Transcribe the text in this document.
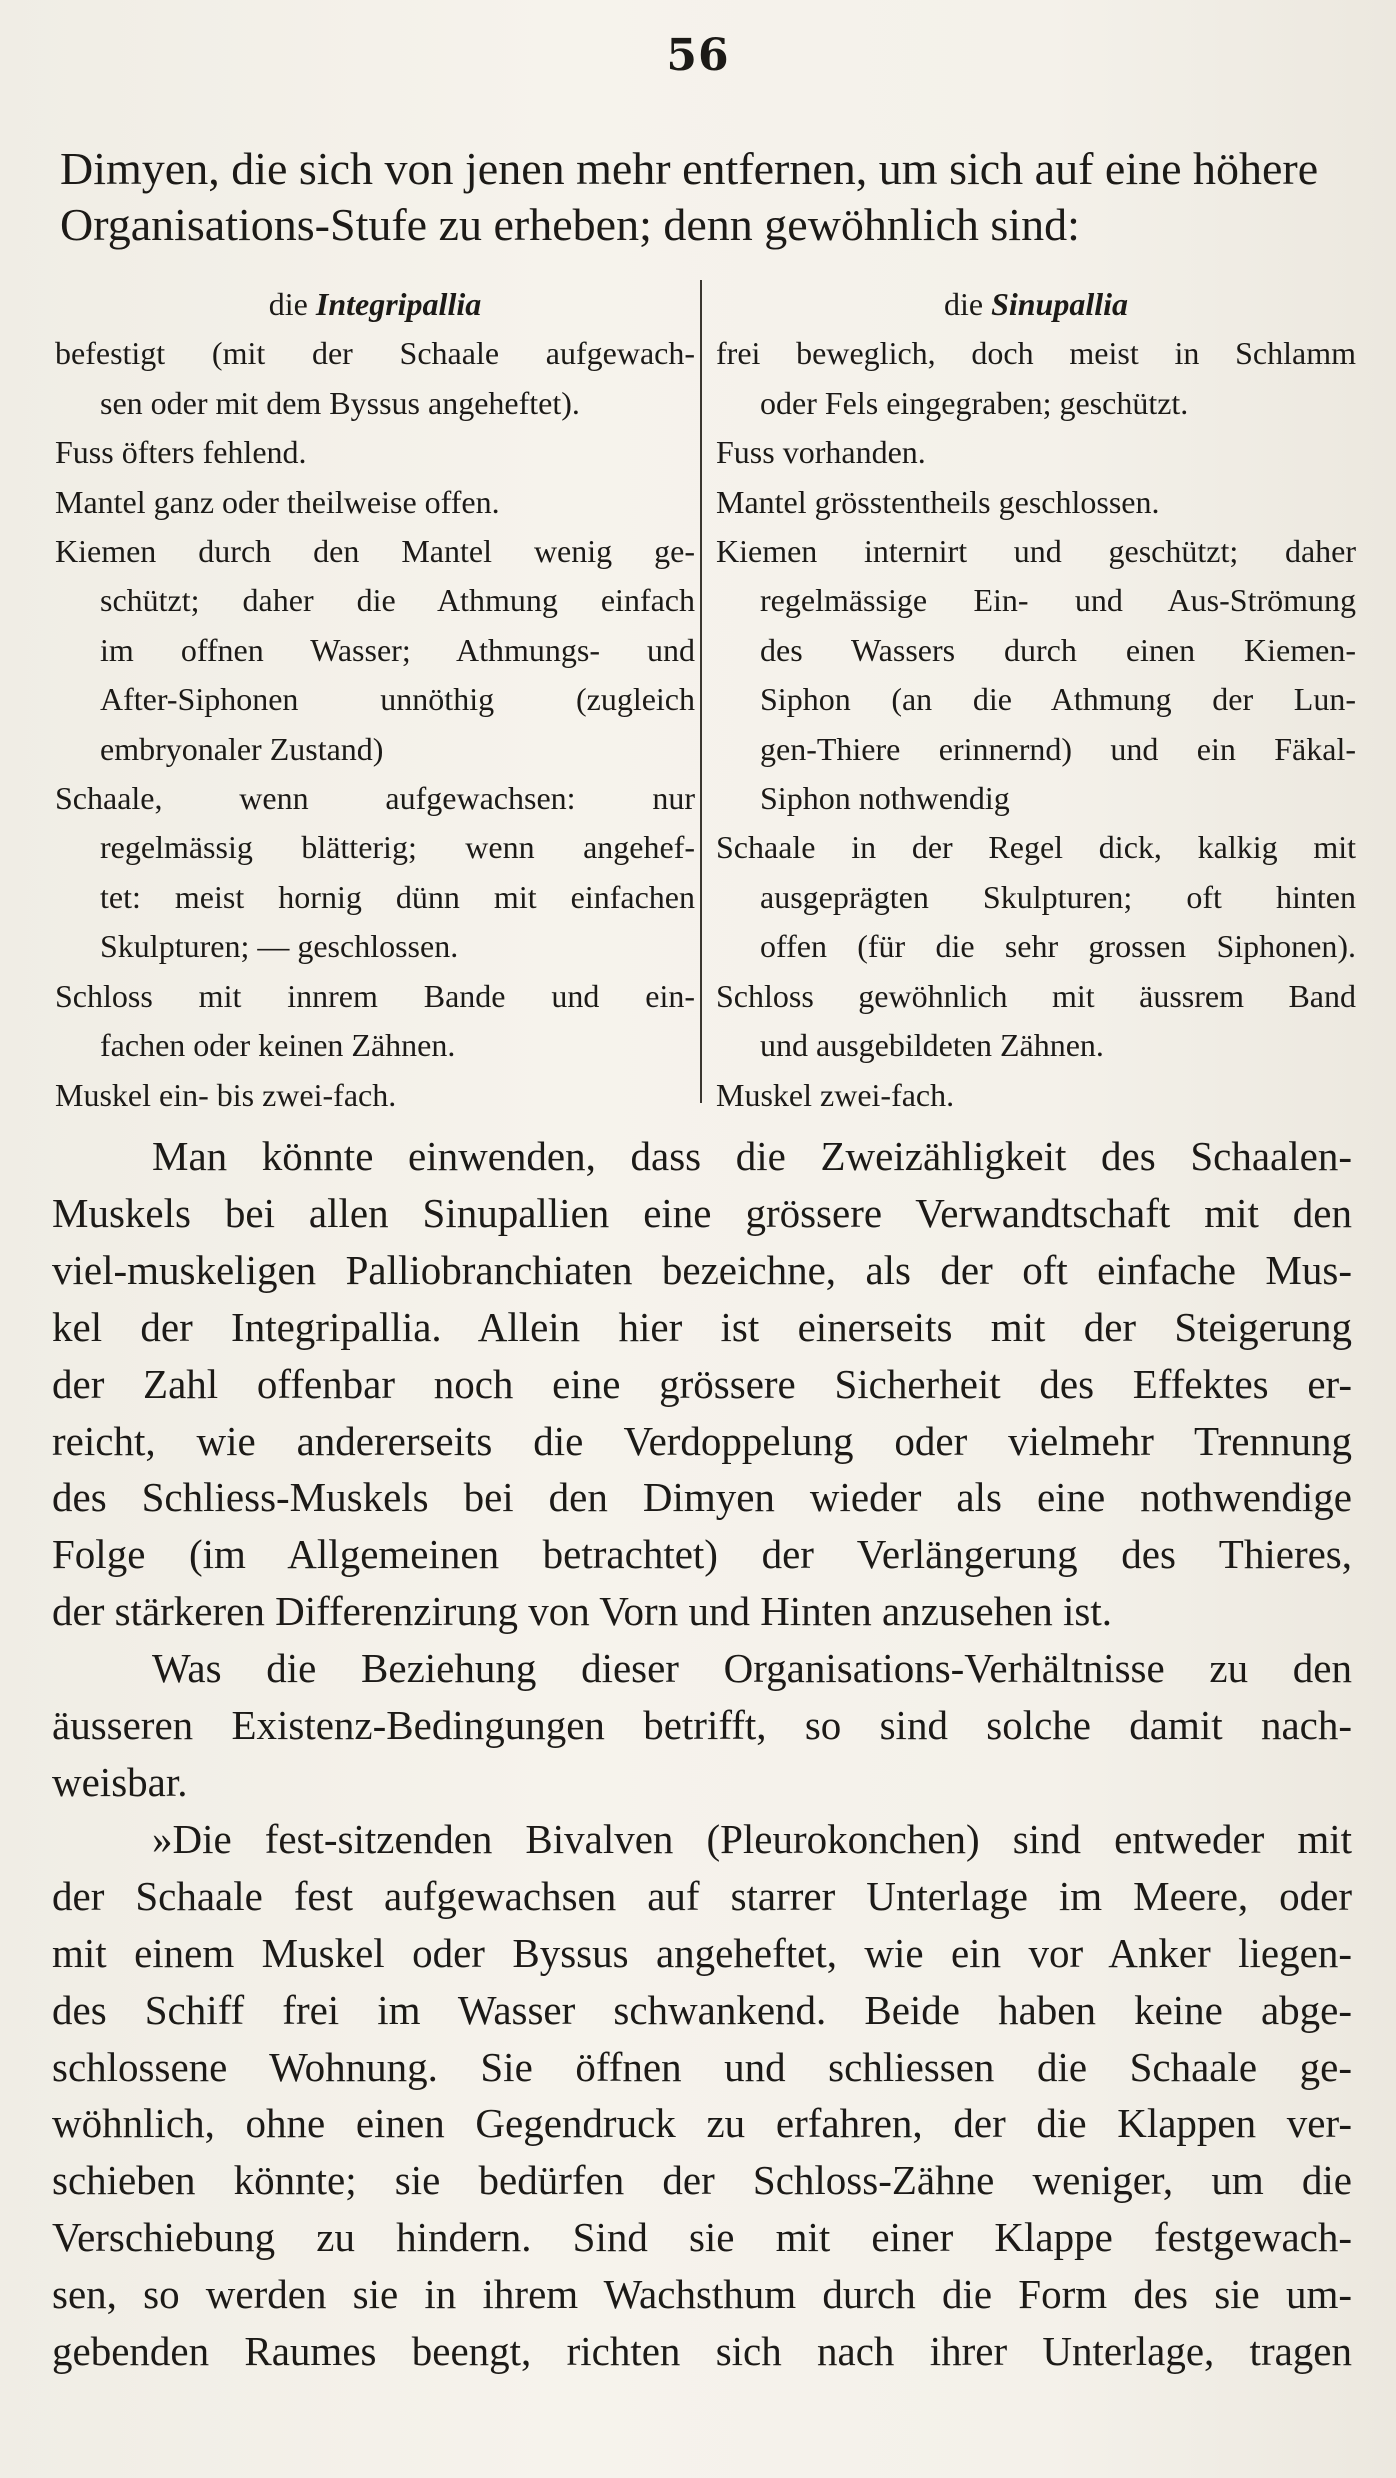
56
Dimyen, die sich von jenen mehr entfernen, um sich auf eine höhere
Organisations-Stufe zu erheben; denn gewöhnlich sind:
die Integripallia
befestigt (mit der Schaale aufgewach-
sen oder mit dem Byssus angeheftet).
Fuss öfters fehlend.
Mantel ganz oder theilweise offen.
Kiemen durch den Mantel wenig ge-
schützt; daher die Athmung einfach
im offnen Wasser; Athmungs- und
After-Siphonen unnöthig (zugleich
embryonaler Zustand)
Schaale, wenn aufgewachsen: nur
regelmässig blätterig; wenn angehef-
tet: meist hornig dünn mit einfachen
Skulpturen; — geschlossen.
Schloss mit innrem Bande und ein-
fachen oder keinen Zähnen.
Muskel ein- bis zwei-fach.
die Sinupallia
frei beweglich, doch meist in Schlamm
oder Fels eingegraben; geschützt.
Fuss vorhanden.
Mantel grösstentheils geschlossen.
Kiemen internirt und geschützt; daher
regelmässige Ein- und Aus-Strömung
des Wassers durch einen Kiemen-
Siphon (an die Athmung der Lun-
gen-Thiere erinnernd) und ein Fäkal-
Siphon nothwendig
Schaale in der Regel dick, kalkig mit
ausgeprägten Skulpturen; oft hinten
offen (für die sehr grossen Siphonen).
Schloss gewöhnlich mit äussrem Band
und ausgebildeten Zähnen.
Muskel zwei-fach.
Man könnte einwenden, dass die Zweizähligkeit des Schaalen-
Muskels bei allen Sinupallien eine grössere Verwandtschaft mit den
viel-muskeligen Palliobranchiaten bezeichne, als der oft einfache Mus-
kel der Integripallia. Allein hier ist einerseits mit der Steigerung
der Zahl offenbar noch eine grössere Sicherheit des Effektes er-
reicht, wie andererseits die Verdoppelung oder vielmehr Trennung
des Schliess-Muskels bei den Dimyen wieder als eine nothwendige
Folge (im Allgemeinen betrachtet) der Verlängerung des Thieres,
der stärkeren Differenzirung von Vorn und Hinten anzusehen ist.
Was die Beziehung dieser Organisations-Verhältnisse zu den
äusseren Existenz-Bedingungen betrifft, so sind solche damit nach-
weisbar.
»Die fest-sitzenden Bivalven (Pleurokonchen) sind entweder mit
der Schaale fest aufgewachsen auf starrer Unterlage im Meere, oder
mit einem Muskel oder Byssus angeheftet, wie ein vor Anker liegen-
des Schiff frei im Wasser schwankend. Beide haben keine abge-
schlossene Wohnung. Sie öffnen und schliessen die Schaale ge-
wöhnlich, ohne einen Gegendruck zu erfahren, der die Klappen ver-
schieben könnte; sie bedürfen der Schloss-Zähne weniger, um die
Verschiebung zu hindern. Sind sie mit einer Klappe festgewach-
sen, so werden sie in ihrem Wachsthum durch die Form des sie um-
gebenden Raumes beengt, richten sich nach ihrer Unterlage, tragen
